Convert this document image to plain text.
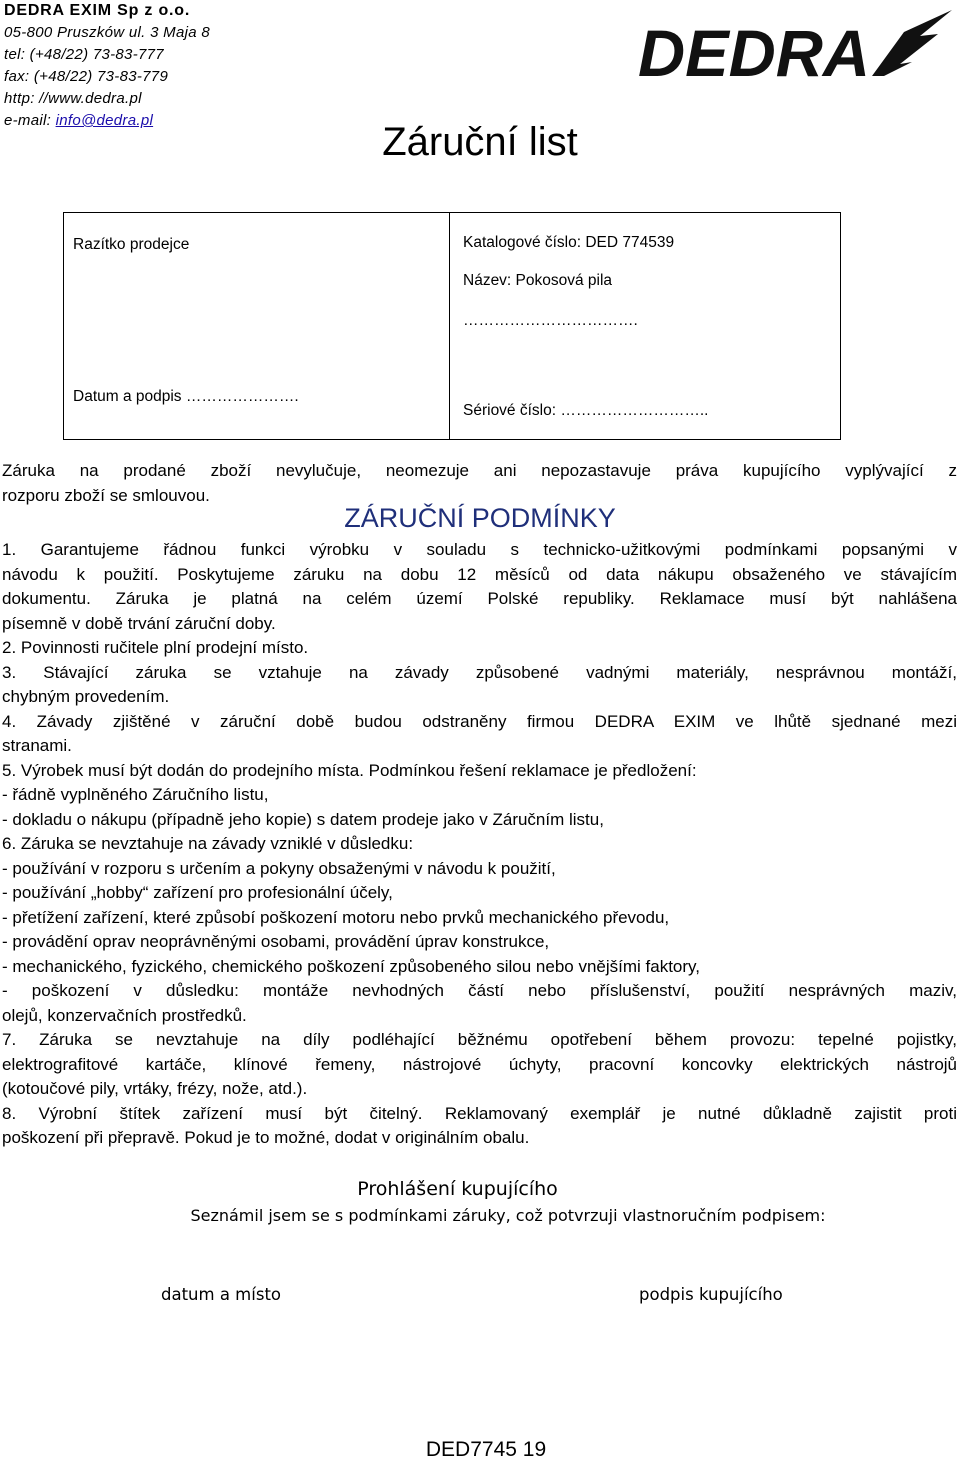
DEDRA EXIM Sp z o.o.
05-800 Pruszków ul. 3 Maja 8
tel: (+48/22) 73-83-777
fax: (+48/22) 73-83-779
http: //www.dedra.pl
e-mail: info@dedra.pl
DEDRA
Záruční list
Razítko prodejce
Datum a podpis ………………….
Katalogové číslo: DED 774539
Název: Pokosová pila
…………………………….
Sériové číslo: ………………………..
Záruka na prodané zboží nevylučuje, neomezuje ani nepozastavuje práva kupujícího vyplývající z
rozporu zboží se smlouvou.
ZÁRUČNÍ PODMÍNKY
1. Garantujeme řádnou funkci výrobku v souladu s technicko-užitkovými podmínkami popsanými v
návodu k použití. Poskytujeme záruku na dobu 12 měsíců od data nákupu obsaženého ve stávajícím
dokumentu. Záruka je platná na celém území Polské republiky. Reklamace musí být nahlášena
písemně v době trvání záruční doby.
2. Povinnosti ručitele plní prodejní místo.
3. Stávající záruka se vztahuje na závady způsobené vadnými materiály, nesprávnou montáží,
chybným provedením.
4. Závady zjištěné v záruční době budou odstraněny firmou DEDRA EXIM ve lhůtě sjednané mezi
stranami.
5. Výrobek musí být dodán do prodejního místa. Podmínkou řešení reklamace je předložení:
- řádně vyplněného Záručního listu,
- dokladu o nákupu (případně jeho kopie) s datem prodeje jako v Záručním listu,
6. Záruka se nevztahuje na závady vzniklé v důsledku:
- používání v rozporu s určením a pokyny obsaženými v návodu k použití,
- používání „hobby“ zařízení pro profesionální účely,
- přetížení zařízení, které způsobí poškození motoru nebo prvků mechanického převodu,
- provádění oprav neoprávněnými osobami, provádění úprav konstrukce,
- mechanického, fyzického, chemického poškození způsobeného silou nebo vnějšími faktory,
- poškození v důsledku: montáže nevhodných částí nebo příslušenství, použití nesprávných maziv,
olejů, konzervačních prostředků.
7. Záruka se nevztahuje na díly podléhající běžnému opotřebení během provozu: tepelné pojistky,
elektrografitové kartáče, klínové řemeny, nástrojové úchyty, pracovní koncovky elektrických nástrojů
(kotoučové pily, vrtáky, frézy, nože, atd.).
8. Výrobní štítek zařízení musí být čitelný. Reklamovaný exemplář je nutné důkladně zajistit proti
poškození při přepravě. Pokud je to možné, dodat v originálním obalu.
Prohlášení kupujícího
Seznámil jsem se s podmínkami záruky, což potvrzuji vlastnoručním podpisem:
datum a místo	podpis kupujícího
DED7745 19
